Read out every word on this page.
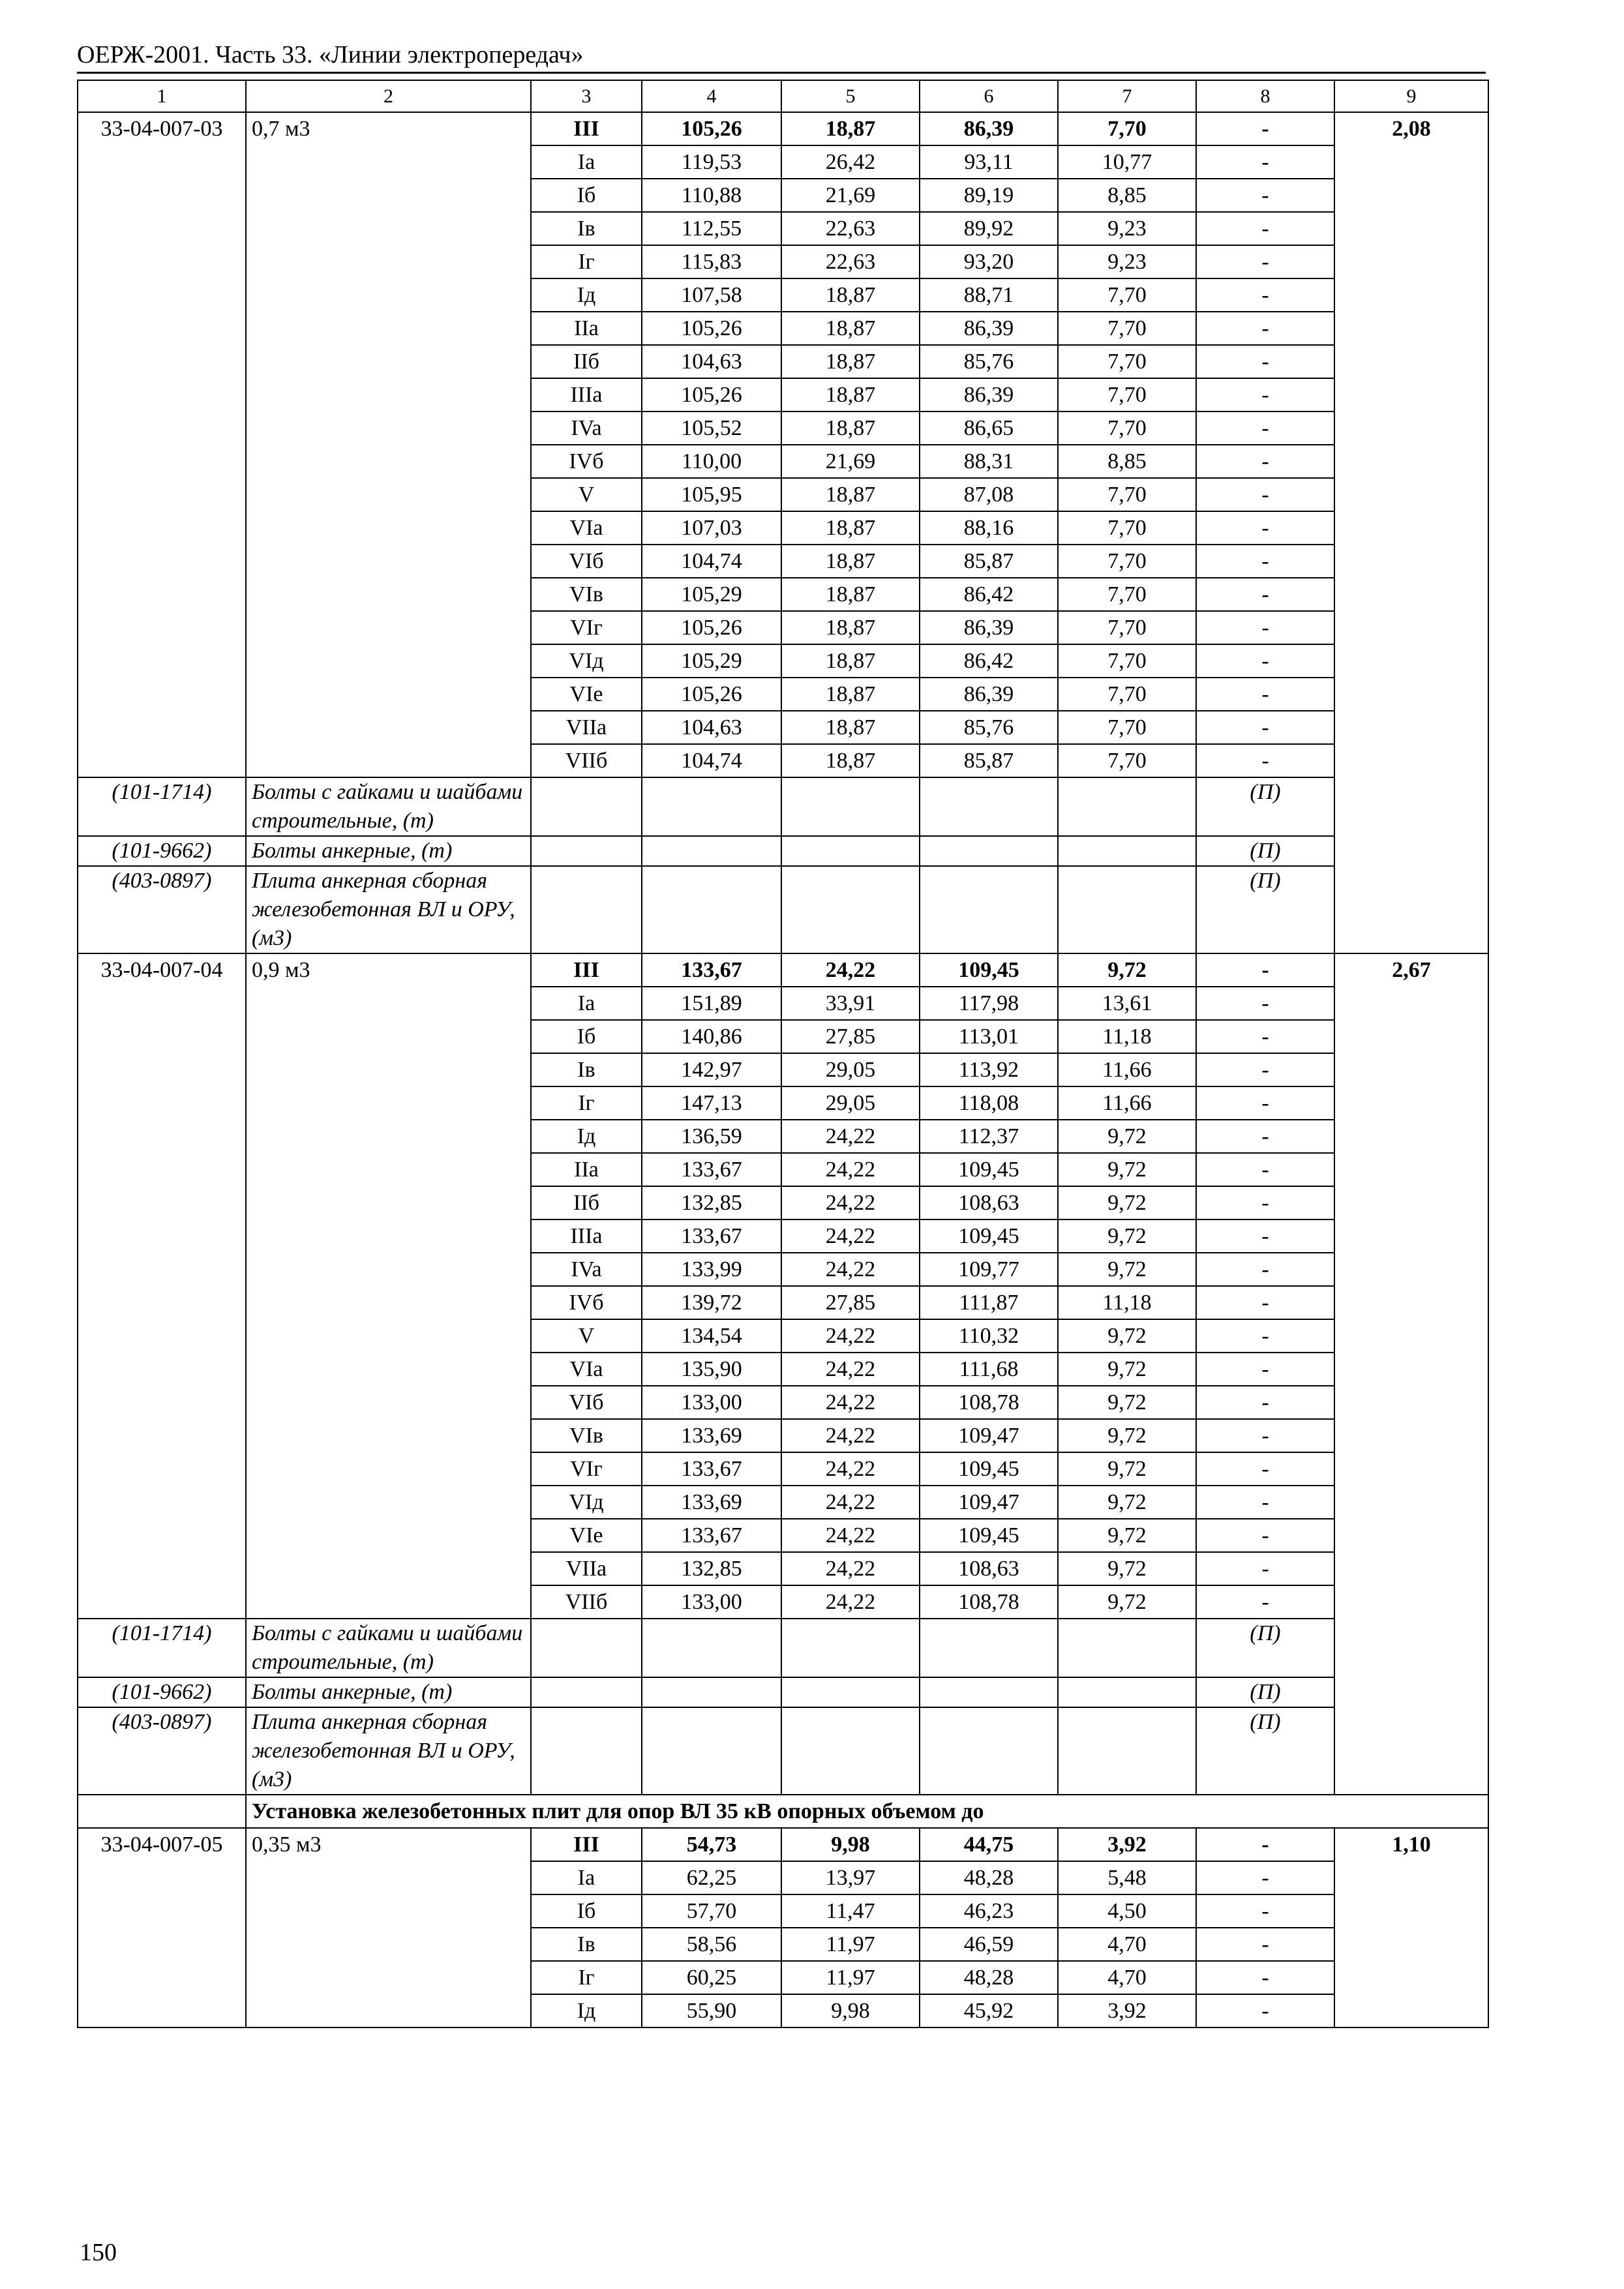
ОЕРЖ-2001. Часть 33. «Линии электропередач»
1	2	3	4	5	6	7	8	9
33-04-007-03	0,7 м3	III	105,26	18,87	86,39	7,70	-	2,08
		Ia	119,53	26,42	93,11	10,77	-	
		Iб	110,88	21,69	89,19	8,85	-	
		Iв	112,55	22,63	89,92	9,23	-	
		Iг	115,83	22,63	93,20	9,23	-	
		Iд	107,58	18,87	88,71	7,70	-	
		IIa	105,26	18,87	86,39	7,70	-	
		IIб	104,63	18,87	85,76	7,70	-	
		IIIa	105,26	18,87	86,39	7,70	-	
		IVa	105,52	18,87	86,65	7,70	-	
		IVб	110,00	21,69	88,31	8,85	-	
		V	105,95	18,87	87,08	7,70	-	
		VIa	107,03	18,87	88,16	7,70	-	
		VIб	104,74	18,87	85,87	7,70	-	
		VIв	105,29	18,87	86,42	7,70	-	
		VIг	105,26	18,87	86,39	7,70	-	
		VIд	105,29	18,87	86,42	7,70	-	
		VIe	105,26	18,87	86,39	7,70	-	
		VIIa	104,63	18,87	85,76	7,70	-	
		VIIб	104,74	18,87	85,87	7,70	-	
(101-1714)	Болты с гайками и шайбами строительные, (т)						(П)	
(101-9662)	Болты анкерные, (т)						(П)	
(403-0897)	Плита анкерная сборная железобетонная ВЛ и ОРУ, (м3)						(П)	
33-04-007-04	0,9 м3	III	133,67	24,22	109,45	9,72	-	2,67
		Ia	151,89	33,91	117,98	13,61	-	
		Iб	140,86	27,85	113,01	11,18	-	
		Iв	142,97	29,05	113,92	11,66	-	
		Iг	147,13	29,05	118,08	11,66	-	
		Iд	136,59	24,22	112,37	9,72	-	
		IIa	133,67	24,22	109,45	9,72	-	
		IIб	132,85	24,22	108,63	9,72	-	
		IIIa	133,67	24,22	109,45	9,72	-	
		IVa	133,99	24,22	109,77	9,72	-	
		IVб	139,72	27,85	111,87	11,18	-	
		V	134,54	24,22	110,32	9,72	-	
		VIa	135,90	24,22	111,68	9,72	-	
		VIб	133,00	24,22	108,78	9,72	-	
		VIв	133,69	24,22	109,47	9,72	-	
		VIг	133,67	24,22	109,45	9,72	-	
		VIд	133,69	24,22	109,47	9,72	-	
		VIe	133,67	24,22	109,45	9,72	-	
		VIIa	132,85	24,22	108,63	9,72	-	
		VIIб	133,00	24,22	108,78	9,72	-	
(101-1714)	Болты с гайками и шайбами строительные, (т)						(П)	
(101-9662)	Болты анкерные, (т)						(П)	
(403-0897)	Плита анкерная сборная железобетонная ВЛ и ОРУ, (м3)						(П)	
	Установка железобетонных плит для опор ВЛ 35 кВ опорных объемом до							
33-04-007-05	0,35 м3	III	54,73	9,98	44,75	3,92	-	1,10
		Ia	62,25	13,97	48,28	5,48	-	
		Iб	57,70	11,47	46,23	4,50	-	
		Iв	58,56	11,97	46,59	4,70	-	
		Iг	60,25	11,97	48,28	4,70	-	
		Iд	55,90	9,98	45,92	3,92	-	
150
